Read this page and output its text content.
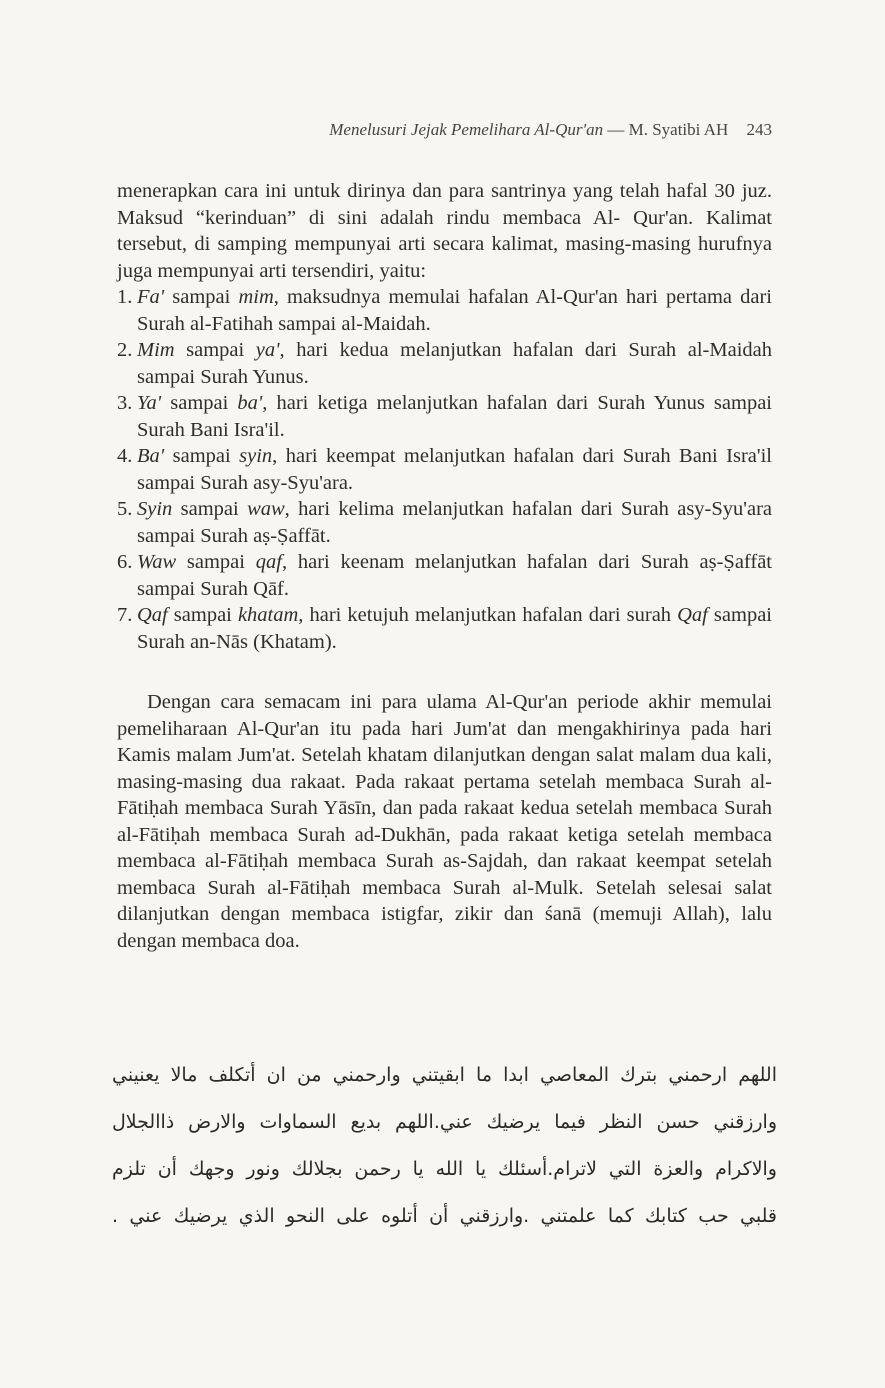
Menelusuri Jejak Pemelihara Al-Qur'an — M. Syatibi AH 243

menerapkan cara ini untuk dirinya dan para santrinya yang telah hafal 30 juz. Maksud “kerinduan” di sini adalah rindu membaca Al- Qur'an. Kalimat tersebut, di samping mempunyai arti secara kalimat, masing-masing hurufnya juga mempunyai arti tersendiri, yaitu:

1. Fa' sampai mim, maksudnya memulai hafalan Al-Qur'an hari pertama dari Surah al-Fatihah sampai al-Maidah.
2. Mim sampai ya', hari kedua melanjutkan hafalan dari Surah al-Maidah sampai Surah Yunus.
3. Ya' sampai ba', hari ketiga melanjutkan hafalan dari Surah Yunus sampai Surah Bani Isra'il.
4. Ba' sampai syin, hari keempat melanjutkan hafalan dari Surah Bani Isra'il sampai Surah asy-Syu'ara.
5. Syin sampai waw, hari kelima melanjutkan hafalan dari Surah asy-Syu'ara sampai Surah aṣ-Ṣaffāt.
6. Waw sampai qaf, hari keenam melanjutkan hafalan dari Surah aṣ-Ṣaffāt sampai Surah Qāf.
7. Qaf sampai khatam, hari ketujuh melanjutkan hafalan dari surah Qaf sampai Surah an-Nās (Khatam).

Dengan cara semacam ini para ulama Al-Qur'an periode akhir memulai pemeliharaan Al-Qur'an itu pada hari Jum'at dan mengakhirinya pada hari Kamis malam Jum'at. Setelah khatam dilanjutkan dengan salat malam dua kali, masing-masing dua rakaat. Pada rakaat pertama setelah membaca Surah al-Fātiḥah membaca Surah Yāsīn, dan pada rakaat kedua setelah membaca Surah al-Fātiḥah membaca Surah ad-Dukhān, pada rakaat ketiga setelah membaca membaca al-Fātiḥah membaca Surah as-Sajdah, dan rakaat keempat setelah membaca Surah al-Fātiḥah membaca Surah al-Mulk. Setelah selesai salat dilanjutkan dengan membaca istigfar, zikir dan śanā (memuji Allah), lalu dengan membaca doa.

اللهم ارحمني بترك المعاصي ابدا ما ابقيتني وارحمني من ان أتكلف مالا يعنيني
وارزقني حسن النظر فيما يرضيك عني.اللهم بديع السماوات والارض ذاالجلال
والاكرام والعزة التي لاترام.أسئلك يا الله يا رحمن بجلالك ونور وجهك أن تلزم
قلبي حب كتابك كما علمتني .وارزقني أن أتلوه على النحو الذي يرضيك عني .
